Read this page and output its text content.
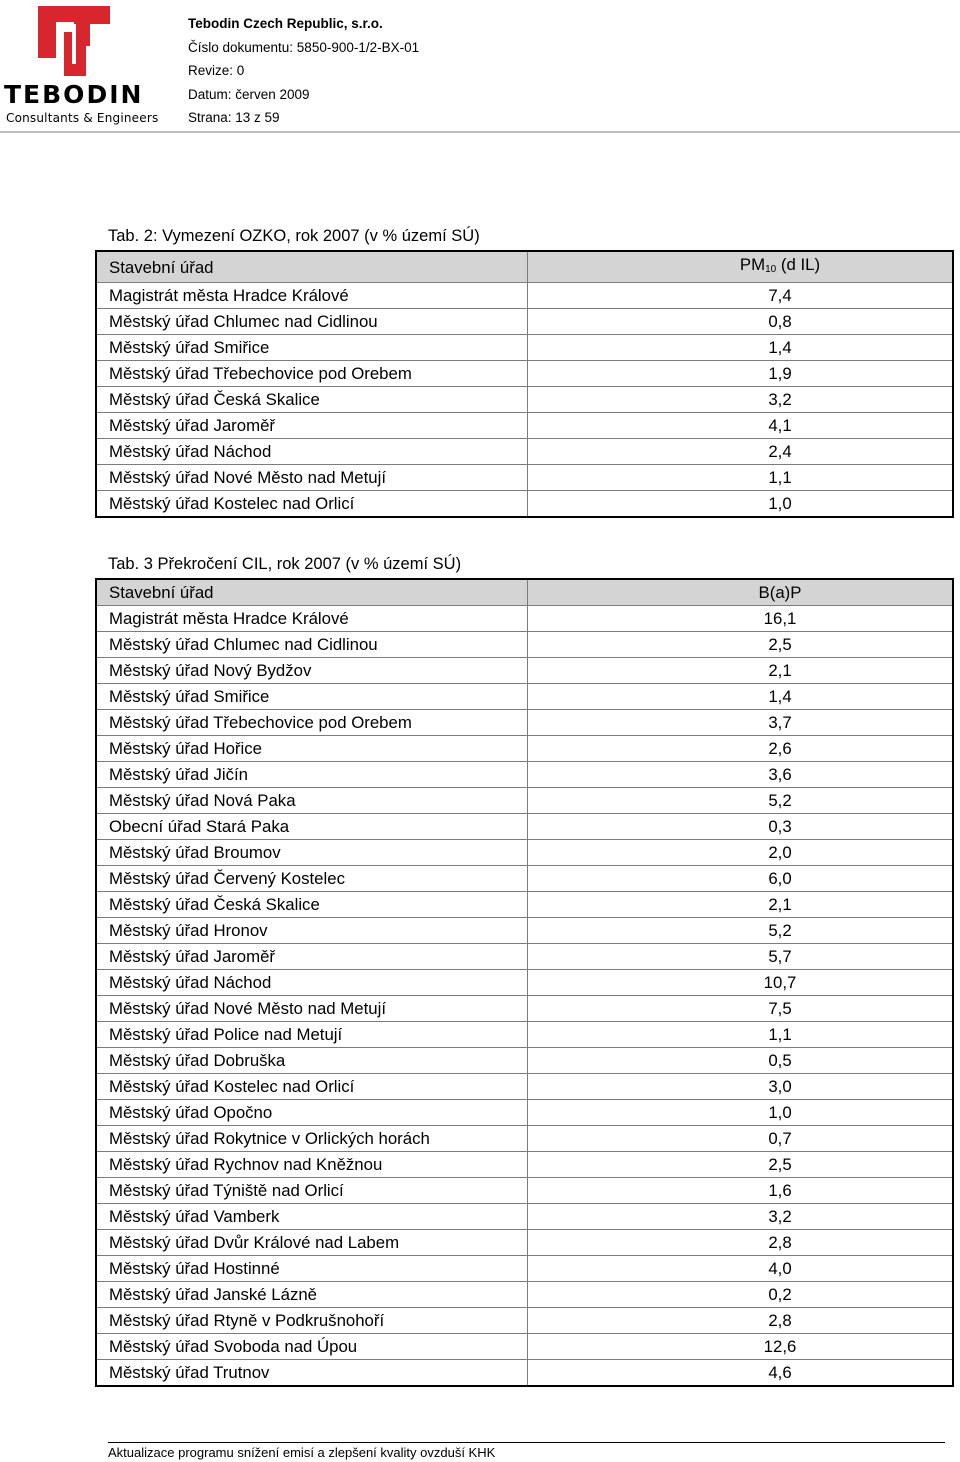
TEBODIN
Consultants & Engineers
Tebodin Czech Republic, s.r.o.
Číslo dokumentu: 5850-900-1/2-BX-01
Revize: 0
Datum: červen 2009
Strana: 13 z 59
Tab. 2: Vymezení OZKO, rok 2007 (v % území SÚ)
Stavební úřad	$PM_{10}$ (d IL)
Magistrát města Hradce Králové	7,4
Městský úřad Chlumec nad Cidlinou	0,8
Městský úřad Smiřice	1,4
Městský úřad Třebechovice pod Orebem	1,9
Městský úřad Česká Skalice	3,2
Městský úřad Jaroměř	4,1
Městský úřad Náchod	2,4
Městský úřad Nové Město nad Metují	1,1
Městský úřad Kostelec nad Orlicí	1,0
Tab. 3 Překročení CIL, rok 2007 (v % území SÚ)
Stavební úřad	B(a)P
Magistrát města Hradce Králové	16,1
Městský úřad Chlumec nad Cidlinou	2,5
Městský úřad Nový Bydžov	2,1
Městský úřad Smiřice	1,4
Městský úřad Třebechovice pod Orebem	3,7
Městský úřad Hořice	2,6
Městský úřad Jičín	3,6
Městský úřad Nová Paka	5,2
Obecní úřad Stará Paka	0,3
Městský úřad Broumov	2,0
Městský úřad Červený Kostelec	6,0
Městský úřad Česká Skalice	2,1
Městský úřad Hronov	5,2
Městský úřad Jaroměř	5,7
Městský úřad Náchod	10,7
Městský úřad Nové Město nad Metují	7,5
Městský úřad Police nad Metují	1,1
Městský úřad Dobruška	0,5
Městský úřad Kostelec nad Orlicí	3,0
Městský úřad Opočno	1,0
Městský úřad Rokytnice v Orlických horách	0,7
Městský úřad Rychnov nad Kněžnou	2,5
Městský úřad Týniště nad Orlicí	1,6
Městský úřad Vamberk	3,2
Městský úřad Dvůr Králové nad Labem	2,8
Městský úřad Hostinné	4,0
Městský úřad Janské Lázně	0,2
Městský úřad Rtyně v Podkrušnohoří	2,8
Městský úřad Svoboda nad Úpou	12,6
Městský úřad Trutnov	4,6
Aktualizace programu snížení emisí a zlepšení kvality ovzduší KHK
